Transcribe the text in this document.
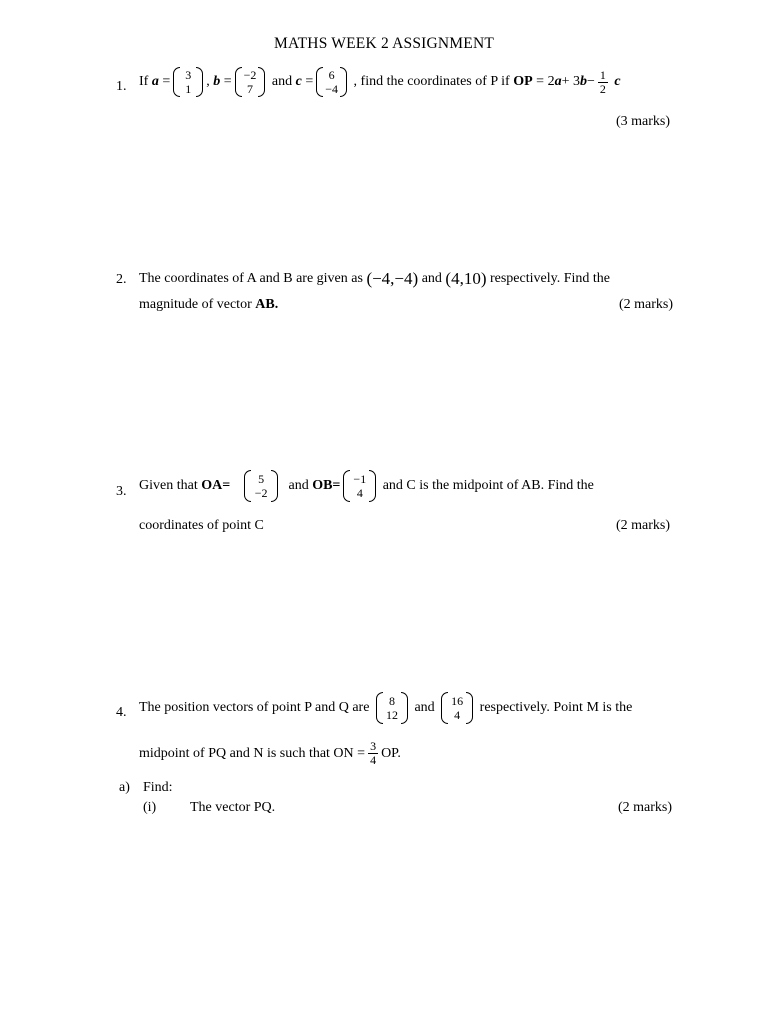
MATHS WEEK 2 ASSIGNMENT
1. If
a
= 3
1 ,
b
= −2
7
and
c
= 6
−4
, find the coordinates of P if
OP
= 2 a + 3 $b - \frac{1}{2}$
c
(3 marks)
2. The coordinates of A and B are given as
(−4,−4)
and
(4,10)
respectively. Find the
magnitude of vector
AB.	(2 marks)
3. Given that
OA=
5
−2
and
OB= −1
4
and C is the midpoint of AB. Find the
coordinates of point C	(2 marks)
4. The position vectors of point P and Q are
8
12
and
16
4
respectively. Point M is the
midpoint of PQ and N is such that ON = $\frac{3}{4}$ OP.
a) Find:
(i) The vector PQ.	(2 marks)
